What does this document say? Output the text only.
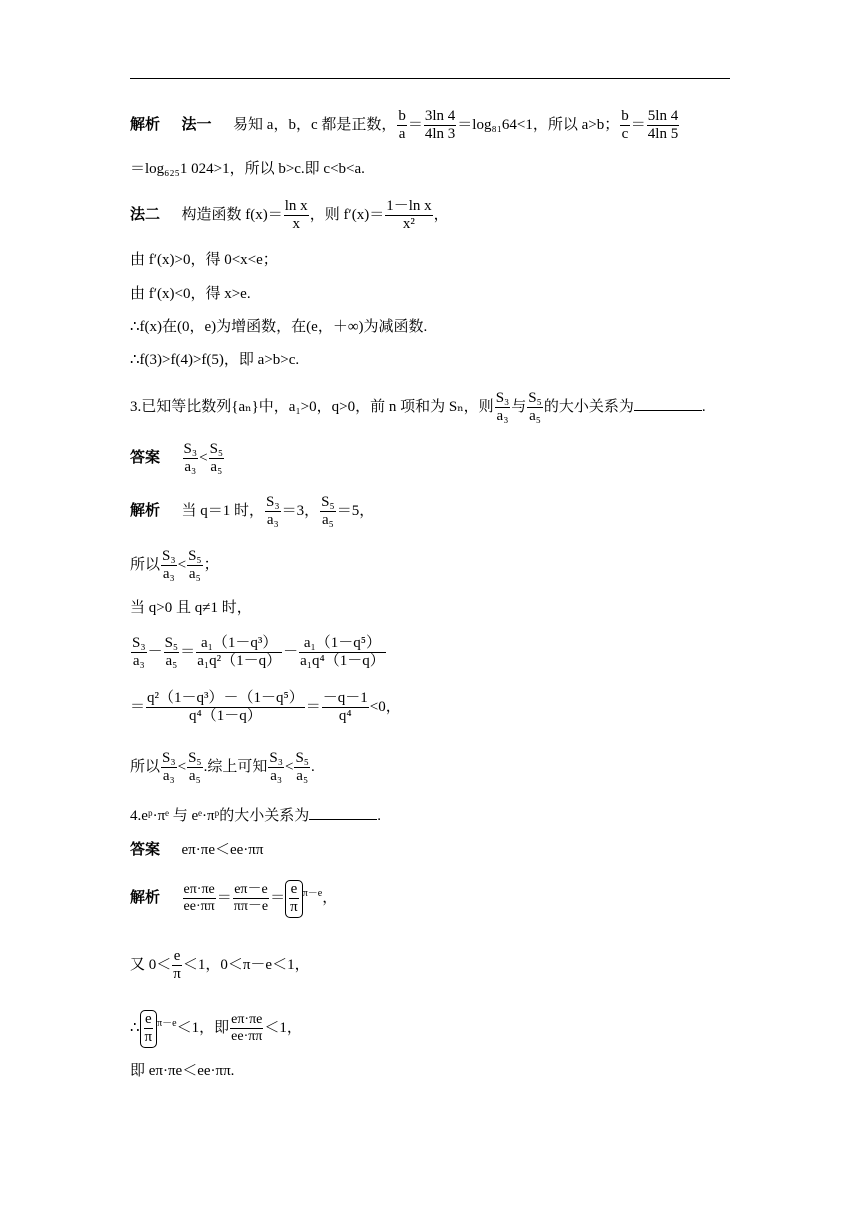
解析 法一 易知 a，b，c 都是正数， $\frac{b}{a} = \frac{3\ln 4}{4\ln 3} =\log_{81}64<1$，所以 a>b； $\frac{b}{c} = \frac{5\ln 4}{4\ln 5}$
＝log₆₂₅1 024>1，所以 b>c.即 c<b<a.
法二 构造函数 $f(x)= \frac{\text{ln x}}{x}$ ，则 $f'(x)= \frac{\text{1－ln x}}{\text{x²}}$ ，
由 f′(x)>0，得 0<x<e；
由 f′(x)<0，得 x>e.
∴f(x)在(0，e)为增函数，在(e，＋∞)为减函数.
∴f(3)>f(4)>f(5)，即 a>b>c.
3.已知等比数列{aₙ}中，a₁>0，q>0，前 n 项和为 Sₙ，则 $\frac{\text{S₃}}{\text{a₃}}$ 与 $\frac{\text{S₅}}{\text{a₅}}$ 的大小关系为	.
答案 $\frac{\text{S₃}}{\text{a₃}} < \frac{\text{S₅}}{\text{a₅}}$
解析 当 q＝1 时， $\frac{\text{S₃}}{\text{a₃}} =3$， $\frac{\text{S₅}}{\text{a₅}} =5$，
所以 $\frac{\text{S₃}}{\text{a₃}} < \frac{\text{S₅}}{\text{a₅}}$ ；
当 q>0 且 q≠1 时，
$\frac{\text{S₃}}{\text{a₃}} - \frac{\text{S₅}}{\text{a₅}} = \frac{\text{a₁（1－q³）}}{\text{a₁q²（1－q）}} - \frac{\text{a₁（1－q⁵）}}{\text{a₁q⁴（1－q）}}$
＝ $\frac{\text{q²（1－q³）－（1－q⁵）}}{\text{q⁴（1－q）}} = \frac{-q-1}{\text{q⁴}} <0$，
所以 $\frac{\text{S₃}}{\text{a₃}} < \frac{\text{S₅}}{\text{a₅}}$ .综上可知 $\frac{\text{S₃}}{\text{a₃}} < \frac{\text{S₅}}{\text{a₅}}$ .
4.eᵖ·πᵉ 与 eᵉ·πᵖ的大小关系为	.
答案 eπ·πe＜ee·ππ
解析 $\frac{e\pi\cdot\pi e}{ee\cdot\pi\pi} = \frac{e\pi-e}{\pi\pi-e} = \frac{e}{\pi} ^{\pi-e}$，
又 $0< \frac{e}{\pi} <1$，0＜π－e＜1，
∴ $\frac{e}{\pi} ^{\pi-e}<1$，即 $\frac{e\pi\cdot\pi e}{ee\cdot\pi\pi} <1$，
即 eπ·πe＜ee·ππ.
